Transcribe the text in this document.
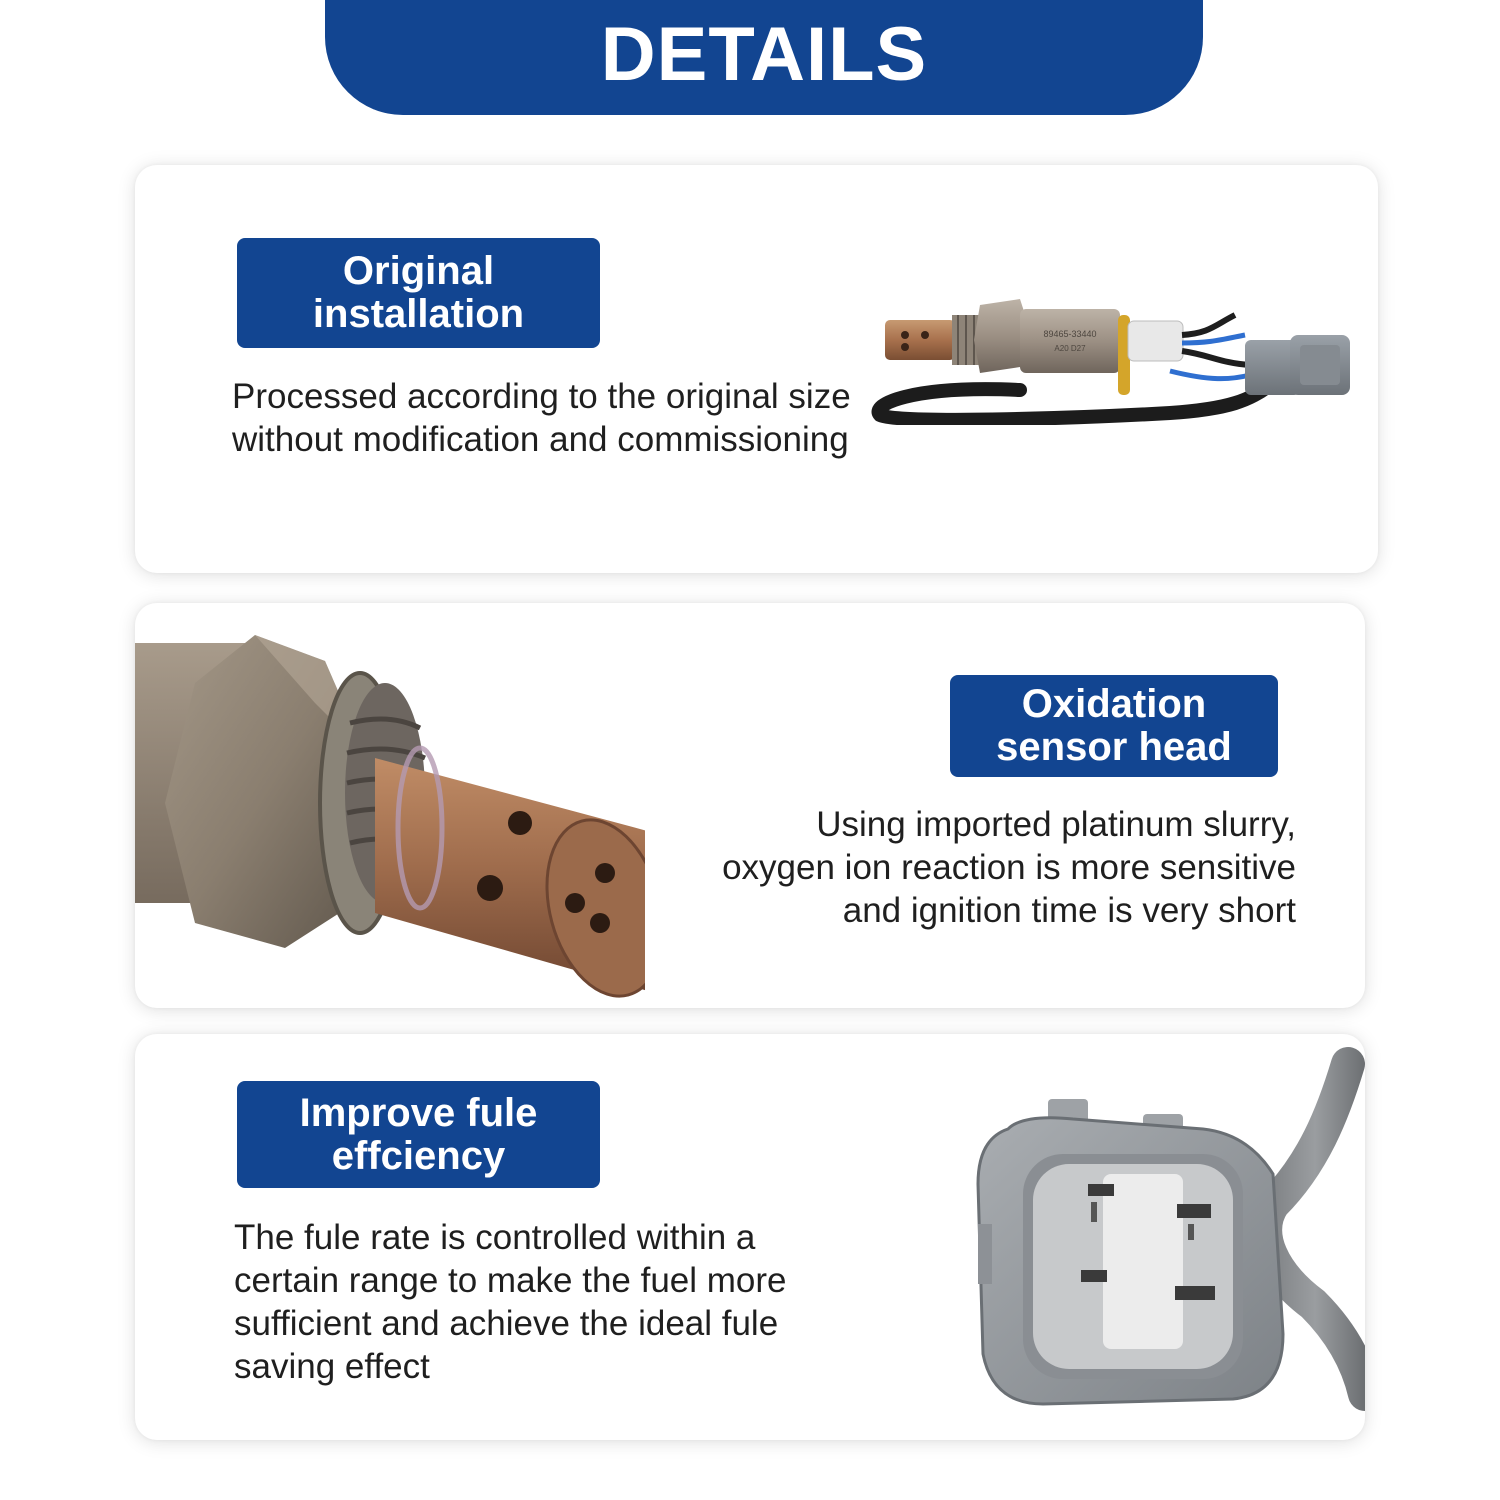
DETAILS
Original installation
Processed according to the original size without modification and commissioning
89465-33440
A20 D27
Oxidation sensor head
Using imported platinum slurry, oxygen ion reaction is more sensitive and ignition time is very short
Improve fule effciency
The fule rate is controlled within a certain range to make the fuel more sufficient and achieve the ideal fule saving effect
